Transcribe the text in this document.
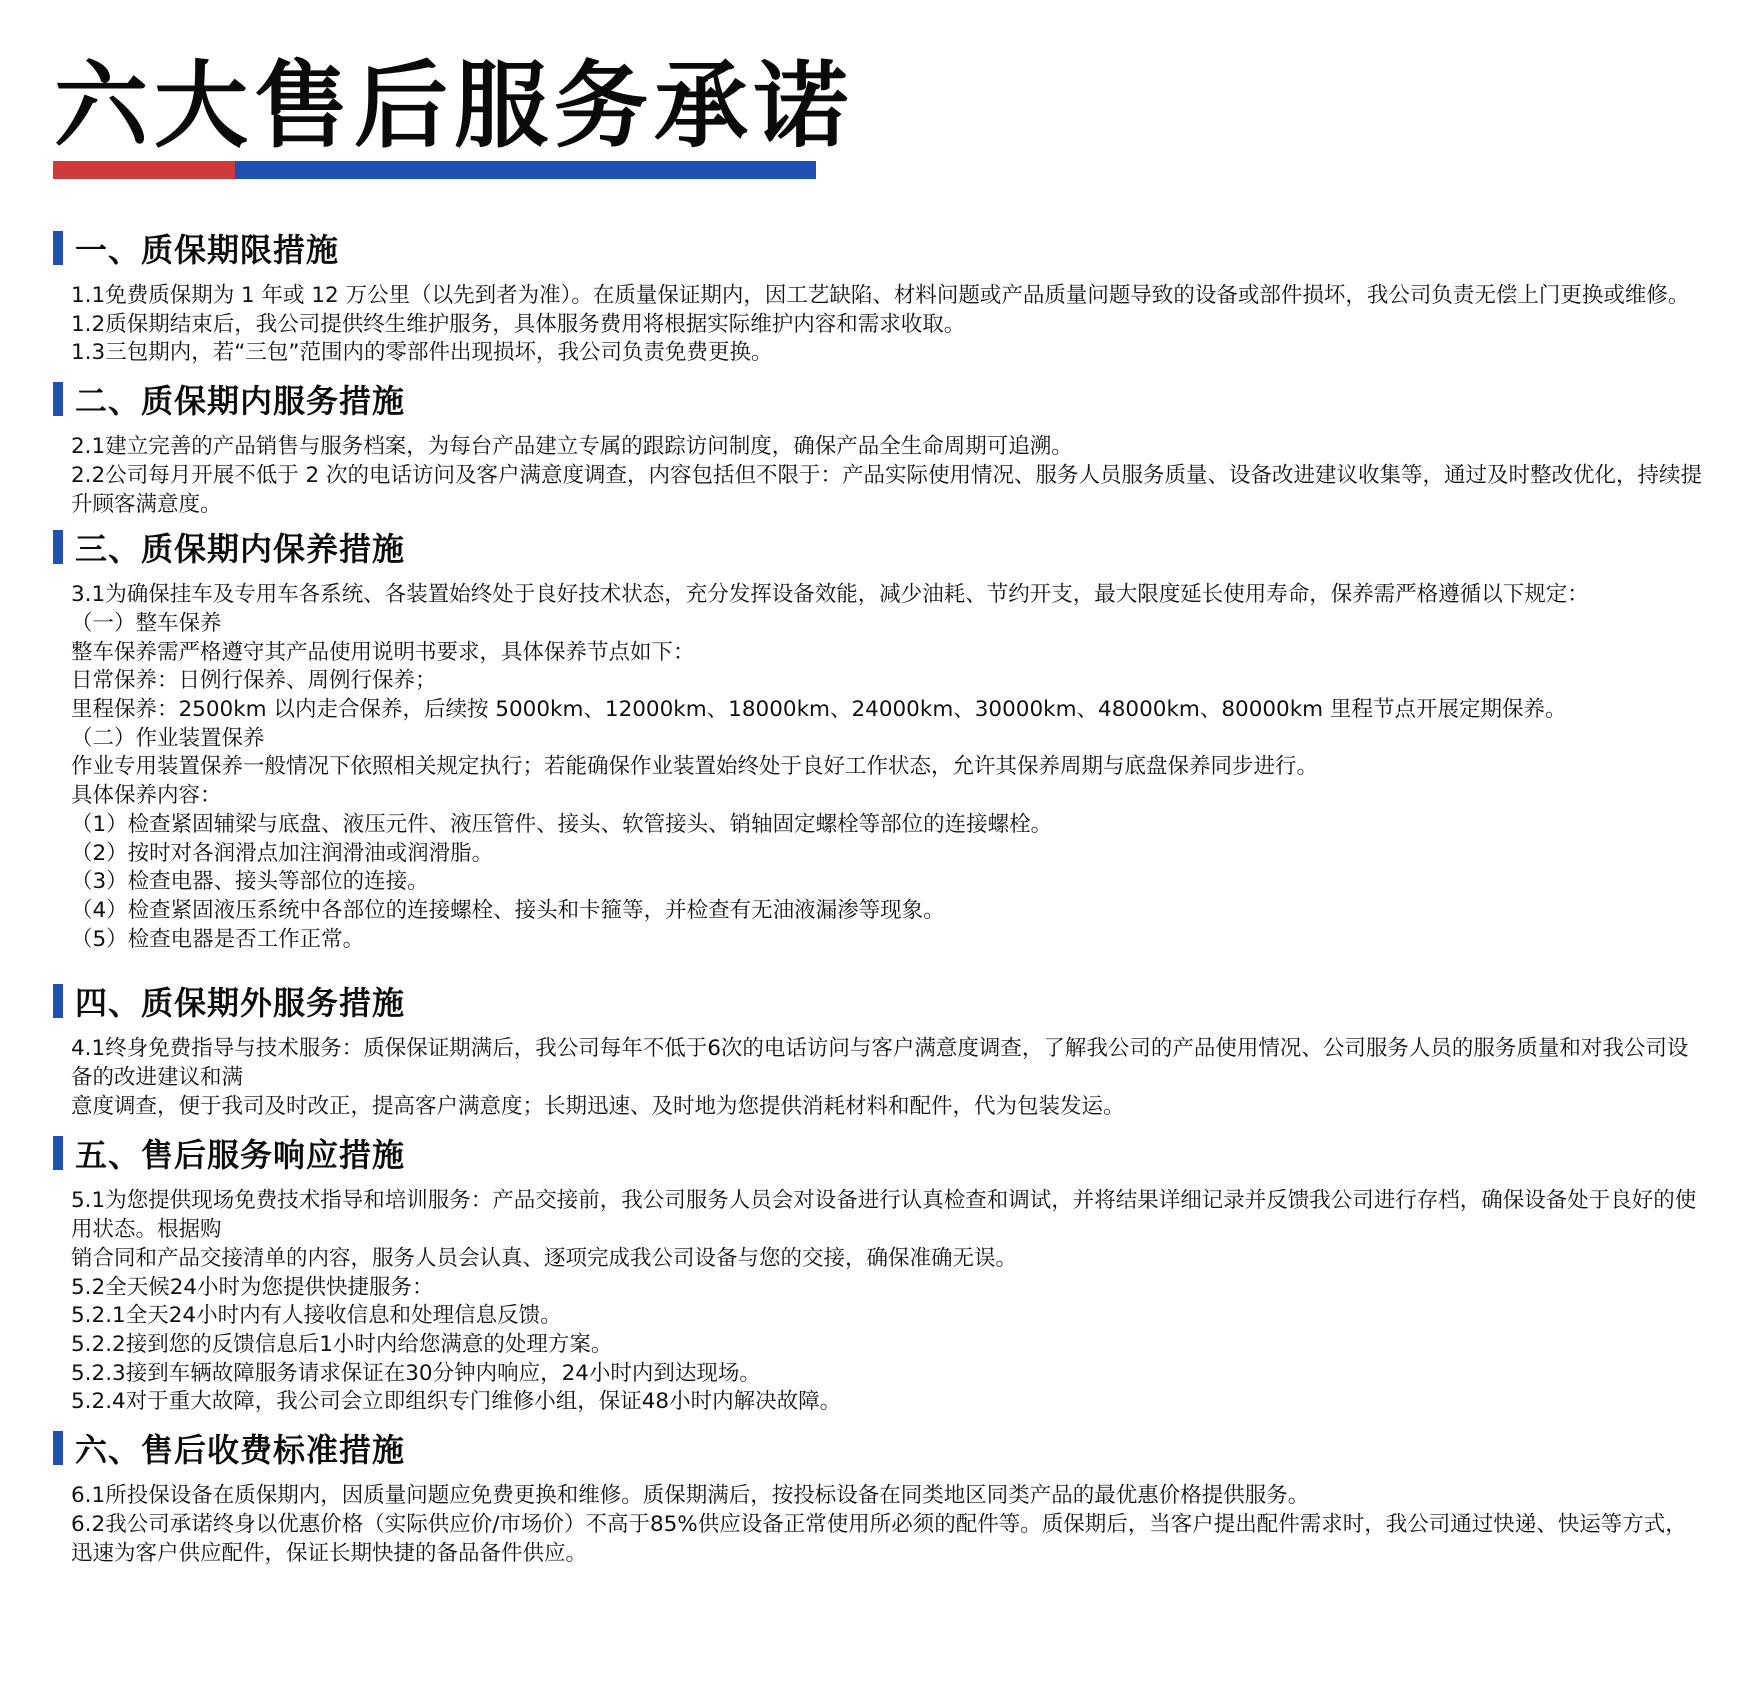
六大售后服务承诺
一、质保期限措施
1.1免费质保期为 1 年或 12 万公里（以先到者为准）。在质量保证期内，因工艺缺陷、材料问题或产品质量问题导致的设备或部件损坏，我公司负责无偿上门更换或维修。
1.2质保期结束后，我公司提供终生维护服务，具体服务费用将根据实际维护内容和需求收取。
1.3三包期内，若“三包”范围内的零部件出现损坏，我公司负责免费更换。
二、质保期内服务措施
2.1建立完善的产品销售与服务档案，为每台产品建立专属的跟踪访问制度，确保产品全生命周期可追溯。
2.2公司每月开展不低于 2 次的电话访问及客户满意度调查，内容包括但不限于：产品实际使用情况、服务人员服务质量、设备改进建议收集等，通过及时整改优化，持续提升顾客满意度。
三、质保期内保养措施
3.1为确保挂车及专用车各系统、各装置始终处于良好技术状态，充分发挥设备效能，减少油耗、节约开支，最大限度延长使用寿命，保养需严格遵循以下规定：
（一）整车保养
整车保养需严格遵守其产品使用说明书要求，具体保养节点如下：
日常保养：日例行保养、周例行保养；
里程保养：2500km 以内走合保养，后续按 5000km、12000km、18000km、24000km、30000km、48000km、80000km 里程节点开展定期保养。
（二）作业装置保养
作业专用装置保养一般情况下依照相关规定执行；若能确保作业装置始终处于良好工作状态，允许其保养周期与底盘保养同步进行。
具体保养内容：
（1）检查紧固辅梁与底盘、液压元件、液压管件、接头、软管接头、销轴固定螺栓等部位的连接螺栓。
（2）按时对各润滑点加注润滑油或润滑脂。
（3）检查电器、接头等部位的连接。
（4）检查紧固液压系统中各部位的连接螺栓、接头和卡箍等，并检查有无油液漏渗等现象。
（5）检查电器是否工作正常。
四、质保期外服务措施
4.1终身免费指导与技术服务：质保保证期满后，我公司每年不低于6次的电话访问与客户满意度调查，了解我公司的产品使用情况、公司服务人员的服务质量和对我公司设备的改进建议和满
意度调查，便于我司及时改正，提高客户满意度；长期迅速、及时地为您提供消耗材料和配件，代为包装发运。
五、售后服务响应措施
5.1为您提供现场免费技术指导和培训服务：产品交接前，我公司服务人员会对设备进行认真检查和调试，并将结果详细记录并反馈我公司进行存档，确保设备处于良好的使用状态。根据购
销合同和产品交接清单的内容，服务人员会认真、逐项完成我公司设备与您的交接，确保准确无误。
5.2全天候24小时为您提供快捷服务：
5.2.1全天24小时内有人接收信息和处理信息反馈。
5.2.2接到您的反馈信息后1小时内给您满意的处理方案。
5.2.3接到车辆故障服务请求保证在30分钟内响应，24小时内到达现场。
5.2.4对于重大故障，我公司会立即组织专门维修小组，保证48小时内解决故障。
六、售后收费标准措施
6.1所投保设备在质保期内，因质量问题应免费更换和维修。质保期满后，按投标设备在同类地区同类产品的最优惠价格提供服务。
6.2我公司承诺终身以优惠价格（实际供应价/市场价）不高于85%供应设备正常使用所必须的配件等。质保期后，当客户提出配件需求时，我公司通过快递、快运等方式，迅速为客户供应配件，保证长期快捷的备品备件供应。
